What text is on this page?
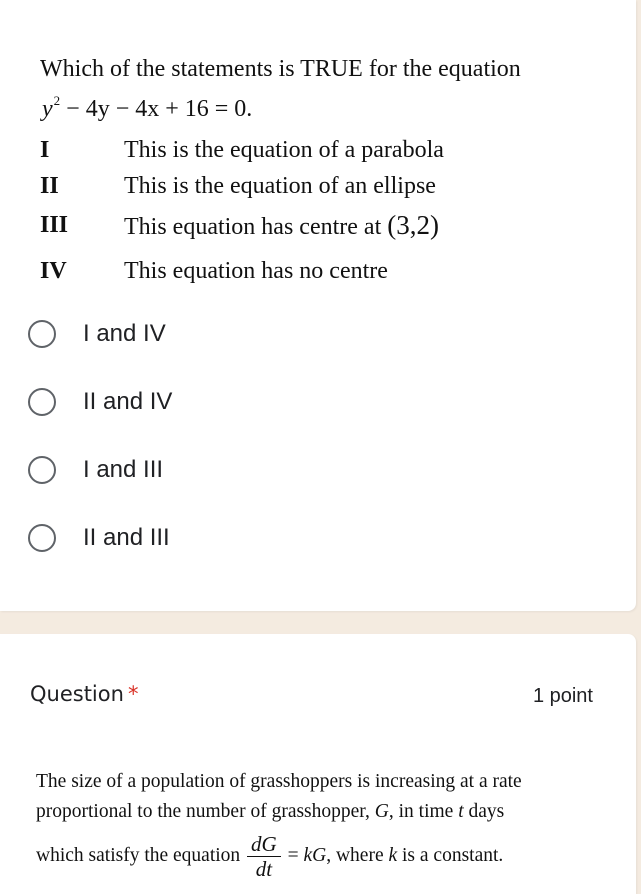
Which of the statements is TRUE for the equation
$y^2 - 4y - 4x + 16 = 0$.
I	This is the equation of a parabola
II	This is the equation of an ellipse
III This equation has centre at (3,2)
IV This equation has no centre
I and IV
II and IV
I and III
II and III
Question *	1 point
The size of a population of grasshoppers is increasing at a rate
proportional to the number of grasshopper, G, in time t days
which satisfy the equation $\frac{dG}{dt}$ = kG, where k is a constant.
